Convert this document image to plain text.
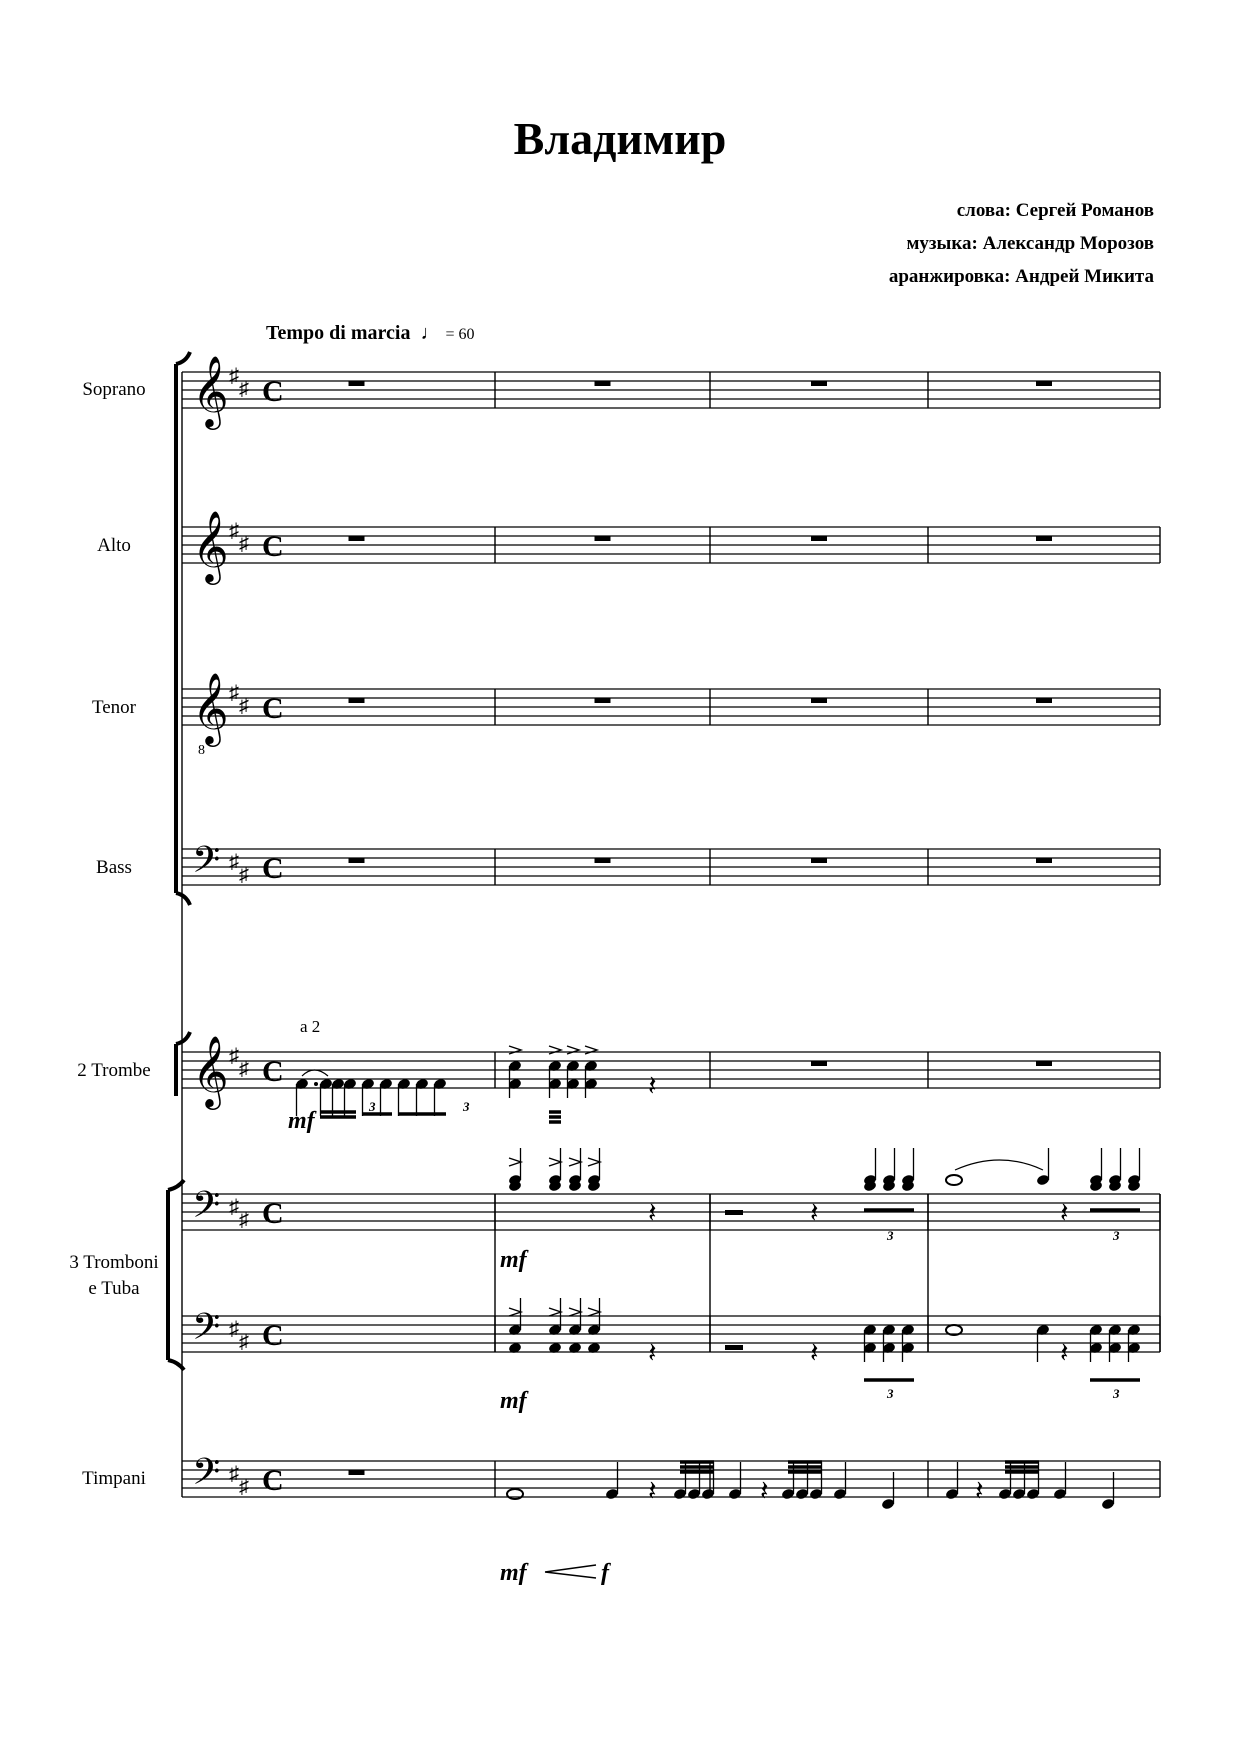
Владимир
слова: Сергей Романов
музыка: Александр Морозов
аранжировка: Андрей Микита
Tempo di marcia  ♩ = 60
Soprano
Alto
Tenor
Bass
2 Trombe
3 Tromboni
e Tuba
Timpani
𝄞 ♯
♯ C
𝄞 ♯
♯ C
𝄞 ♯
♯ C
𝄢 ♯
♯ C
𝄞 ♯
♯ C
𝄢 ♯
♯ C
𝄢 ♯
♯ C
𝄢 ♯
♯ C
𝄽
𝄽	𝄽	𝄽
𝄽	𝄽	𝄽
𝄽	𝄽	𝄽
a 2
mf
mf
mf
mf	f
8
3	3
3	3
3	3
